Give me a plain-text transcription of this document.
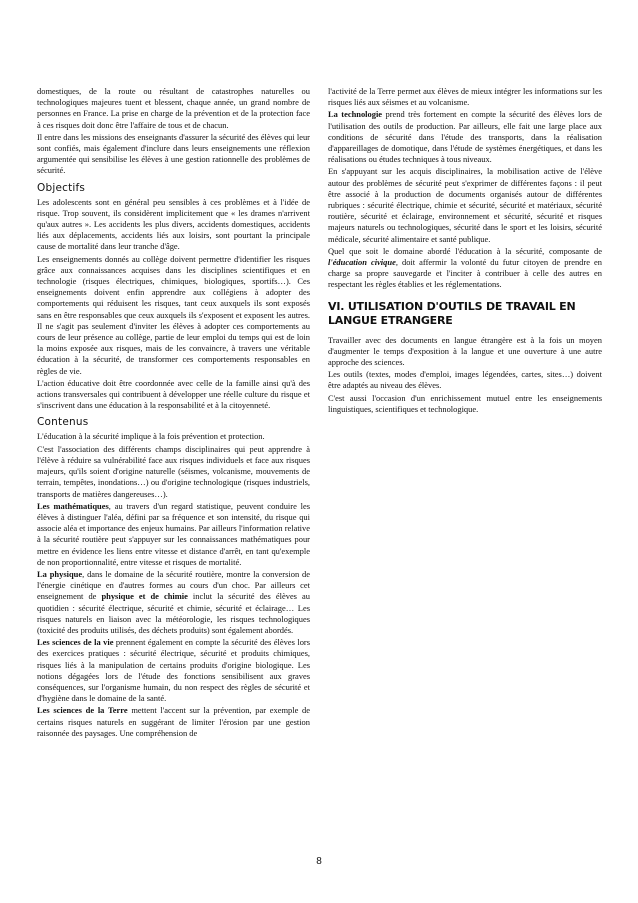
domestiques, de la route ou résultant de catastrophes naturelles ou technologiques majeures tuent et blessent, chaque année, un grand nombre de personnes en France. La prise en charge de la prévention et de la protection face à ces risques doit donc être l'affaire de tous et de chacun.

Il entre dans les missions des enseignants d'assurer la sécurité des élèves qui leur sont confiés, mais également d'inclure dans leurs enseignements une réflexion argumentée qui sensibilise les élèves à une gestion rationnelle des problèmes de sécurité.

Objectifs

Les adolescents sont en général peu sensibles à ces problèmes et à l'idée de risque. Trop souvent, ils considèrent implicitement que « les drames n'arrivent qu'aux autres ». Les accidents les plus divers, accidents domestiques, accidents liés aux déplacements, accidents liés aux loisirs, sont pourtant la principale cause de mortalité dans leur tranche d'âge.

Les enseignements donnés au collège doivent permettre d'identifier les risques grâce aux connaissances acquises dans les disciplines scientifiques et en technologie (risques électriques, chimiques, biologiques, sportifs…). Ces enseignements doivent enfin apprendre aux collégiens à adopter des comportements qui réduisent les risques, tant ceux auxquels ils sont exposés sans en être responsables que ceux auxquels ils s'exposent et exposent les autres. Il ne s'agit pas seulement d'inviter les élèves à adopter ces comportements au cours de leur présence au collège, partie de leur emploi du temps qui est de loin la moins exposée aux risques, mais de les convaincre, à travers une véritable éducation à la sécurité, de transformer ces comportements responsables en règles de vie.

L'action éducative doit être coordonnée avec celle de la famille ainsi qu'à des actions transversales qui contribuent à développer une réelle culture du risque et s'inscrivent dans une éducation à la responsabilité et à la citoyenneté.

Contenus

L'éducation à la sécurité implique à la fois prévention et protection.

C'est l'association des différents champs disciplinaires qui peut apprendre à l'élève à réduire sa vulnérabilité face aux risques individuels et face aux risques majeurs, qu'ils soient d'origine naturelle (séismes, volcanisme, mouvements de terrain, tempêtes, inondations…) ou d'origine technologique (risques industriels, transports de matières dangereuses…).

Les mathématiques, au travers d'un regard statistique, peuvent conduire les élèves à distinguer l'aléa, défini par sa fréquence et son intensité, du risque qui associe aléa et importance des enjeux humains. Par ailleurs l'information relative à la sécurité routière peut s'appuyer sur les connaissances mathématiques pour mettre en évidence les liens entre vitesse et distance d'arrêt, en tant qu'exemple de non proportionnalité, entre vitesse et risques de mortalité.

La physique, dans le domaine de la sécurité routière, montre la conversion de l'énergie cinétique en d'autres formes au cours d'un choc. Par ailleurs cet enseignement de physique et de chimie inclut la sécurité des élèves au quotidien : sécurité électrique, sécurité et chimie, sécurité et éclairage… Les risques naturels en liaison avec la météorologie, les risques technologiques (toxicité des produits utilisés, des déchets produits) sont également abordés.

Les sciences de la vie prennent également en compte la sécurité des élèves lors des exercices pratiques : sécurité électrique, sécurité et produits chimiques, risques liés à la manipulation de certains produits d'origine biologique. Les notions dégagées lors de l'étude des fonctions sensibilisent aux graves conséquences, sur l'organisme humain, du non respect des règles de sécurité et d'hygiène dans le domaine de la santé.

Les sciences de la Terre mettent l'accent sur la prévention, par exemple de certains risques naturels en suggérant de limiter l'érosion par une gestion raisonnée des paysages. Une compréhension de

l'activité de la Terre permet aux élèves de mieux intégrer les informations sur les risques liés aux séismes et au volcanisme.

La technologie prend très fortement en compte la sécurité des élèves lors de l'utilisation des outils de production. Par ailleurs, elle fait une large place aux conditions de sécurité dans l'étude des transports, dans la réalisation d'appareillages de domotique, dans l'étude de systèmes énergétiques, et dans les réalisations ou études techniques à tous niveaux.

En s'appuyant sur les acquis disciplinaires, la mobilisation active de l'élève autour des problèmes de sécurité peut s'exprimer de différentes façons : il peut être associé à la production de documents organisés autour de différentes rubriques : sécurité électrique, chimie et sécurité, sécurité et matériaux, sécurité routière, sécurité et éclairage, environnement et sécurité, sécurité et risques majeurs naturels ou technologiques, sécurité dans le sport et les loisirs, sécurité médicale, sécurité alimentaire et santé publique.

Quel que soit le domaine abordé l'éducation à la sécurité, composante de l'éducation civique, doit affermir la volonté du futur citoyen de prendre en charge sa propre sauvegarde et l'inciter à contribuer à celle des autres en respectant les règles établies et les réglementations.

VI. UTILISATION D'OUTILS DE TRAVAIL EN LANGUE ETRANGERE

Travailler avec des documents en langue étrangère est à la fois un moyen d'augmenter le temps d'exposition à la langue et une ouverture à une autre approche des sciences.

Les outils (textes, modes d'emploi, images légendées, cartes, sites…) doivent être adaptés au niveau des élèves.

C'est aussi l'occasion d'un enrichissement mutuel entre les enseignements linguistiques, scientifiques et technologique.

8
